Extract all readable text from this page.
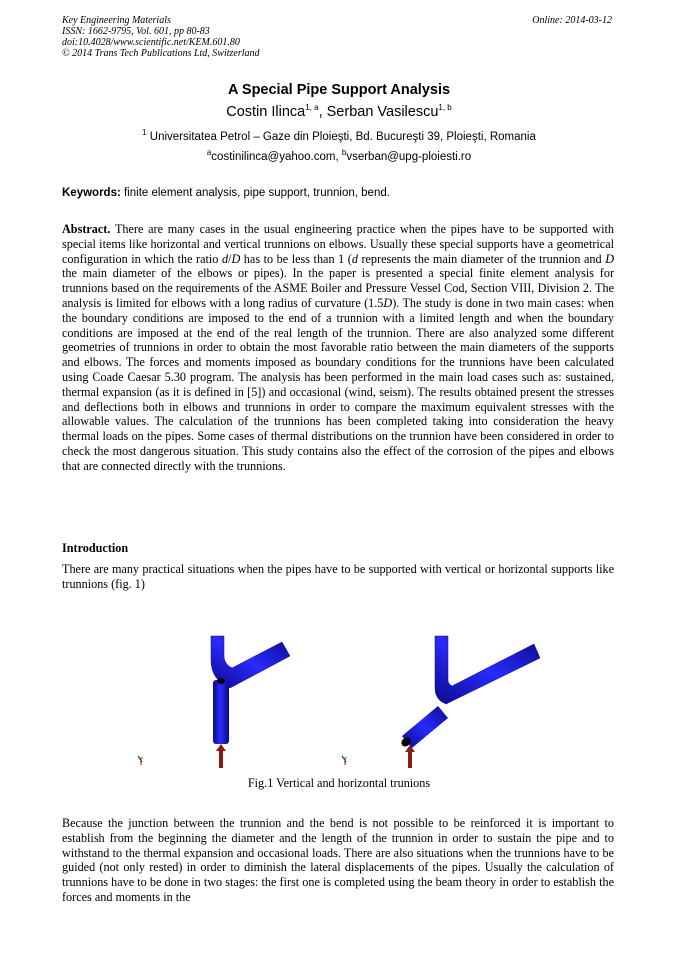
Key Engineering Materials
ISSN: 1662-9795, Vol. 601, pp 80-83
doi:10.4028/www.scientific.net/KEM.601.80
© 2014 Trans Tech Publications Ltd, Switzerland
Online: 2014-03-12
A Special Pipe Support Analysis
Costin Ilinca$^{1, a}$, Serban Vasilescu$^{1, b}$
$^1$ Universitatea Petrol – Gaze din Ploieşti, Bd. Bucureşti 39, Ploieşti, Romania
$^a$costinilinca@yahoo.com, $^b$vserban@upg-ploiesti.ro
Keywords: finite element analysis, pipe support, trunnion, bend.
Abstract. There are many cases in the usual engineering practice when the pipes have to be supported with special items like horizontal and vertical trunnions on elbows. Usually these special supports have a geometrical configuration in which the ratio d/D has to be less than 1 (d represents the main diameter of the trunnion and D the main diameter of the elbows or pipes). In the paper is presented a special finite element analysis for trunnions based on the requirements of the ASME Boiler and Pressure Vessel Cod, Section VIII, Division 2. The analysis is limited for elbows with a long radius of curvature (1.5D). The study is done in two main cases: when the boundary conditions are imposed to the end of a trunnion with a limited length and when the boundary conditions are imposed at the end of the real length of the trunnion. There are also analyzed some different geometries of trunnions in order to obtain the most favorable ratio between the main diameters of the supports and elbows. The forces and moments imposed as boundary conditions for the trunnions have been calculated using Coade Caesar 5.30 program. The analysis has been performed in the main load cases such as: sustained, thermal expansion (as it is defined in [5]) and occasional (wind, seism). The results obtained present the stresses and deflections both in elbows and trunnions in order to compare the maximum equivalent stresses with the allowable values. The calculation of the trunnions has been completed taking into consideration the heavy thermal loads on the pipes. Some cases of thermal distributions on the trunnion have been considered in order to check the most dangerous situation. This study contains also the effect of the corrosion of the pipes and elbows that are connected directly with the trunnions.
Introduction
There are many practical situations when the pipes have to be supported with vertical or horizontal supports like trunnions (fig. 1)
Fig.1 Vertical and horizontal trunions
Because the junction between the trunnion and the bend is not possible to be reinforced it is important to establish from the beginning the diameter and the length of the trunnion in order to sustain the pipe and to withstand to the thermal expansion and occasional loads. There are also situations when the trunnions have to be guided (not only rested) in order to diminish the lateral displacements of the pipes. Usually the calculation of trunnions have to be done in two stages: the first one is completed using the beam theory in order to establish the forces and moments in the
